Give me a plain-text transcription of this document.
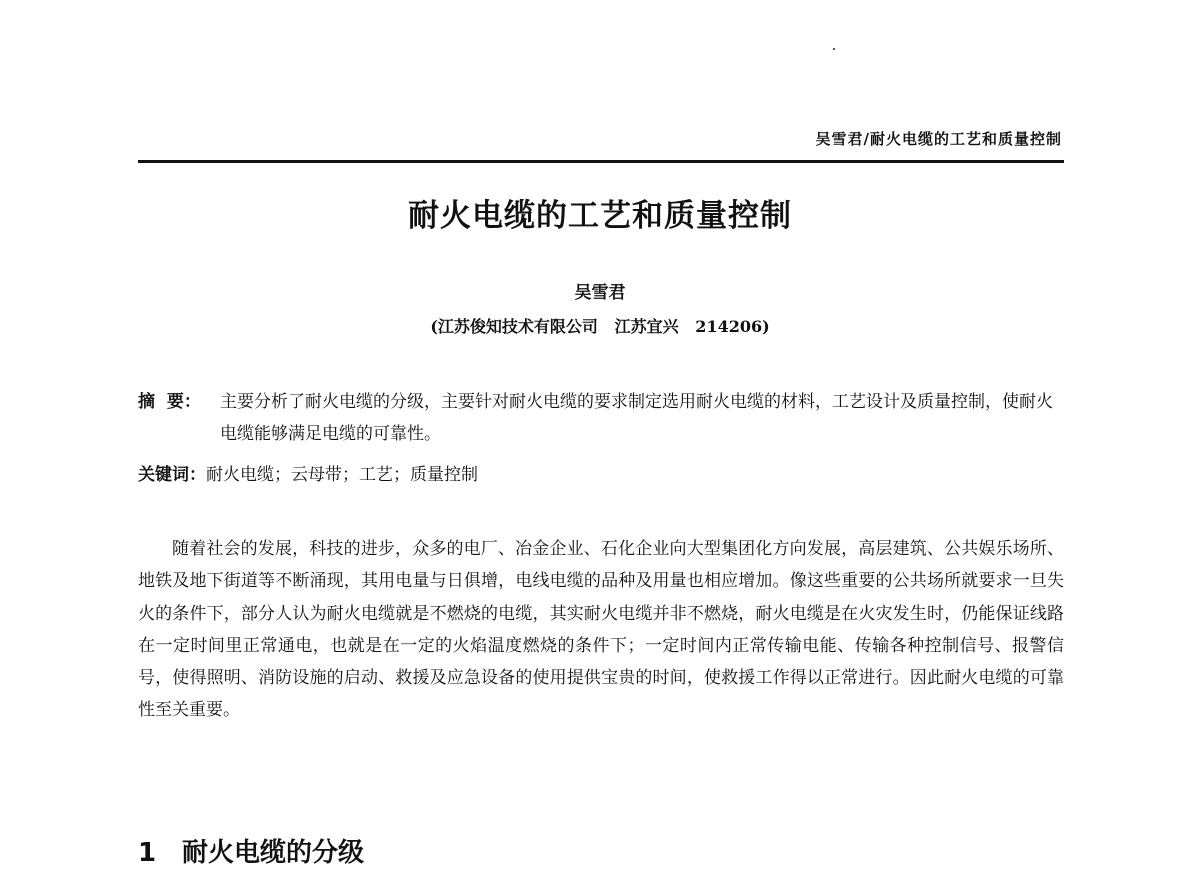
吴雪君/耐火电缆的工艺和质量控制
耐火电缆的工艺和质量控制
吴雪君
(江苏俊知技术有限公司   江苏宜兴   214206)
摘  要：	主要分析了耐火电缆的分级，主要针对耐火电缆的要求制定选用耐火电缆的材料，工艺设计及质量控制，使耐火电缆能够满足电缆的可靠性。
关键词：耐火电缆；云母带；工艺；质量控制

随着社会的发展，科技的进步，众多的电厂、冶金企业、石化企业向大型集团化方向发展，高层建筑、公共娱乐场所、地铁及地下街道等不断涌现，其用电量与日俱增，电线电缆的品种及用量也相应增加。像这些重要的公共场所就要求一旦失火的条件下，部分人认为耐火电缆就是不燃烧的电缆，其实耐火电缆并非不燃烧，耐火电缆是在火灾发生时，仍能保证线路在一定时间里正常通电，也就是在一定的火焰温度燃烧的条件下；一定时间内正常传输电能、传输各种控制信号、报警信号，使得照明、消防设施的启动、救援及应急设备的使用提供宝贵的时间，使救援工作得以正常进行。因此耐火电缆的可靠性至关重要。

1 耐火电缆的分级
